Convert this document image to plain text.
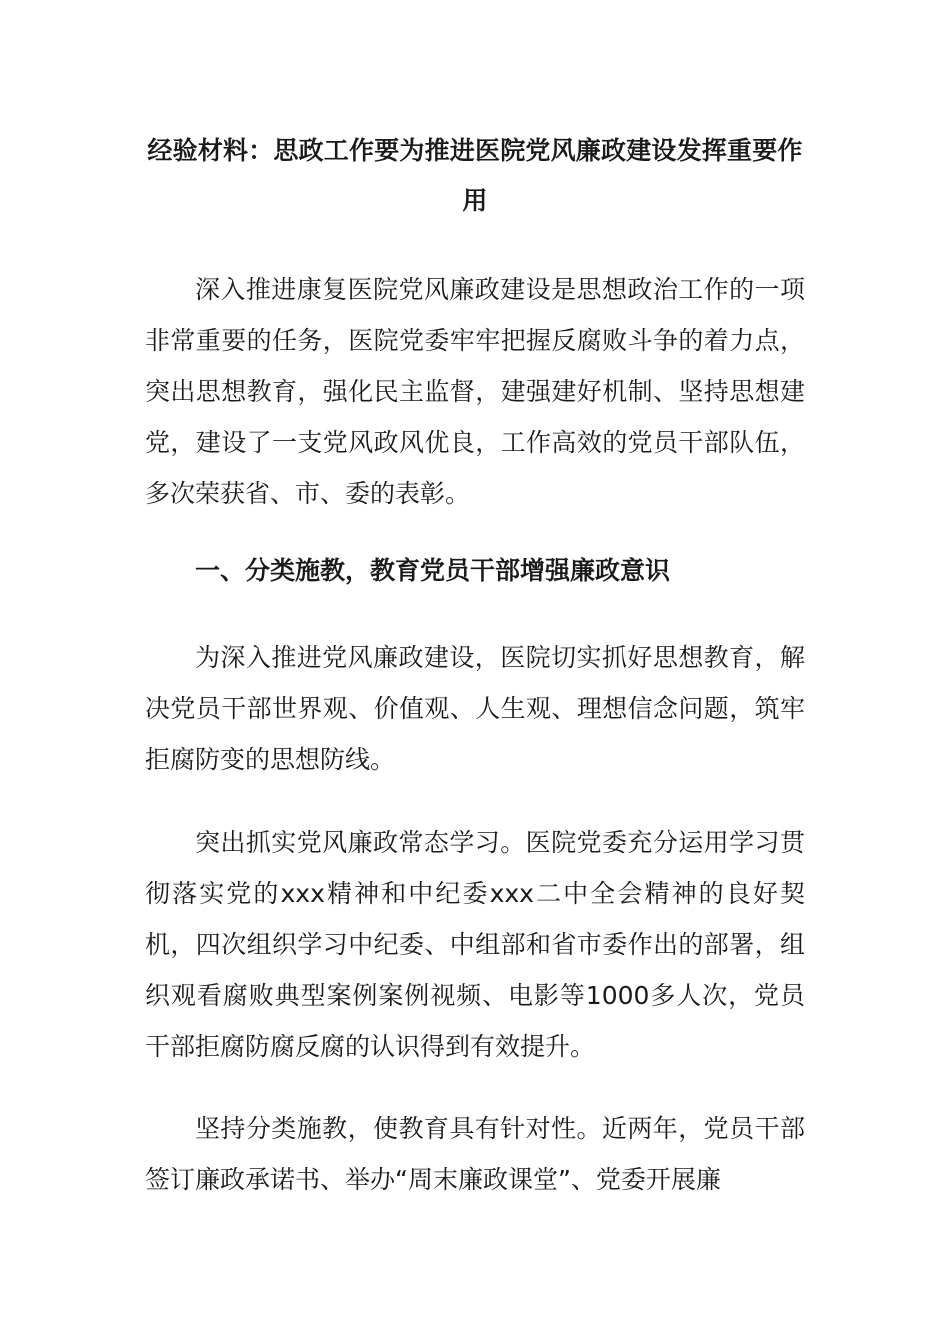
经验材料：思政工作要为推进医院党风廉政建设发挥重要作用

深入推进康复医院党风廉政建设是思想政治工作的一项非常重要的任务，医院党委牢牢把握反腐败斗争的着力点，突出思想教育，强化民主监督，建强建好机制、坚持思想建党，建设了一支党风政风优良，工作高效的党员干部队伍，多次荣获省、市、委的表彰。

一、分类施教，教育党员干部增强廉政意识

为深入推进党风廉政建设，医院切实抓好思想教育，解决党员干部世界观、价值观、人生观、理想信念问题，筑牢拒腐防变的思想防线。

突出抓实党风廉政常态学习。医院党委充分运用学习贯彻落实党的xxx精神和中纪委xxx二中全会精神的良好契机，四次组织学习中纪委、中组部和省市委作出的部署，组织观看腐败典型案例案例视频、电影等1000多人次，党员干部拒腐防腐反腐的认识得到有效提升。

坚持分类施教，使教育具有针对性。近两年，党员干部签订廉政承诺书、举办“周末廉政课堂”、党委开展廉
